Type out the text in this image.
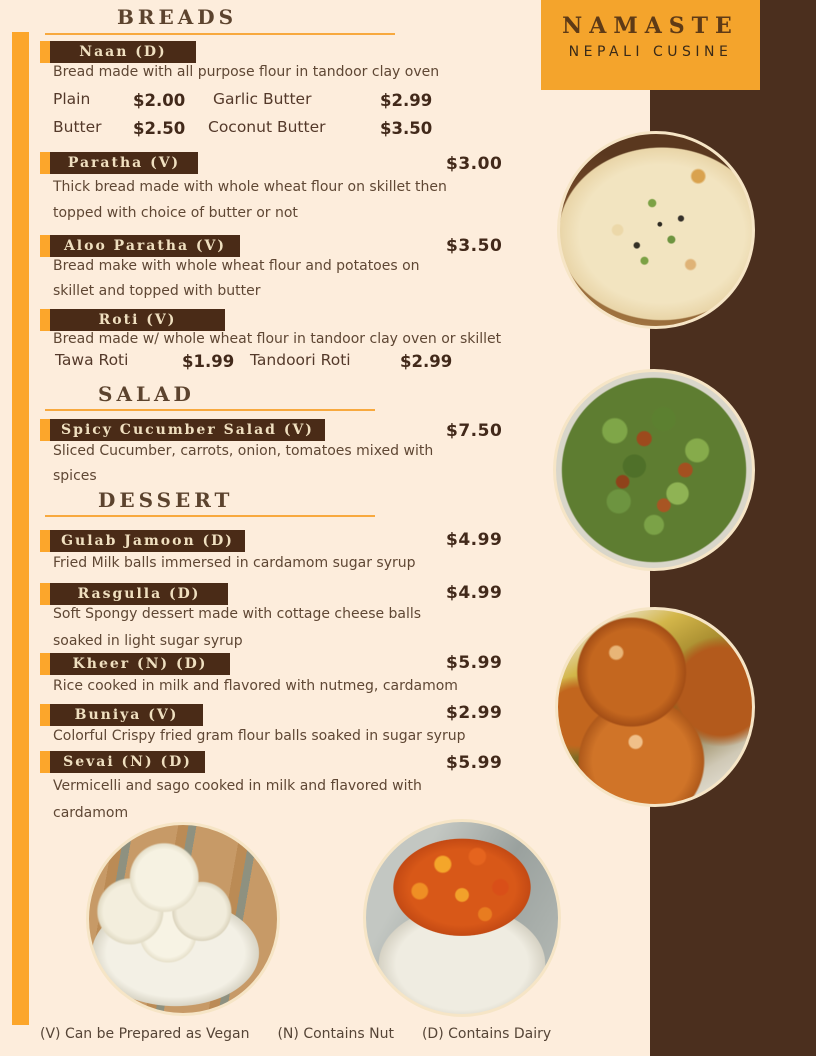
NAMASTE
NEPALI CUSINE
BREADS
Naan (D)
Bread made with all purpose flour in tandoor clay oven
Plain	$2.00 Garlic Butter	$2.99
Butter $2.50 Coconut Butter	$3.50
Paratha (V)	$3.00
Thick bread made with whole wheat flour on skillet then
topped with choice of butter or not
Aloo Paratha (V)	$3.50
Bread make with whole wheat flour and potatoes on
skillet and topped with butter
Roti (V)
Bread made w/ whole wheat flour in tandoor clay oven or skillet
Tawa Roti	$1.99 Tandoori Roti	$2.99
SALAD
Spicy Cucumber Salad (V)	$7.50
Sliced Cucumber, carrots, onion, tomatoes mixed with
spices
DESSERT
Gulab Jamoon (D)	$4.99
Fried Milk balls immersed in cardamom sugar syrup
Rasgulla (D)	$4.99
Soft Spongy dessert made with cottage cheese balls
soaked in light sugar syrup
Kheer (N) (D)	$5.99
Rice cooked in milk and flavored with nutmeg, cardamom
Buniya (V)	$2.99
Colorful Crispy fried gram flour balls soaked in sugar syrup
Sevai (N) (D)	$5.99
Vermicelli and sago cooked in milk and flavored with
cardamom
(V) Can be Prepared as Vegan (N) Contains Nut (D) Contains Dairy
